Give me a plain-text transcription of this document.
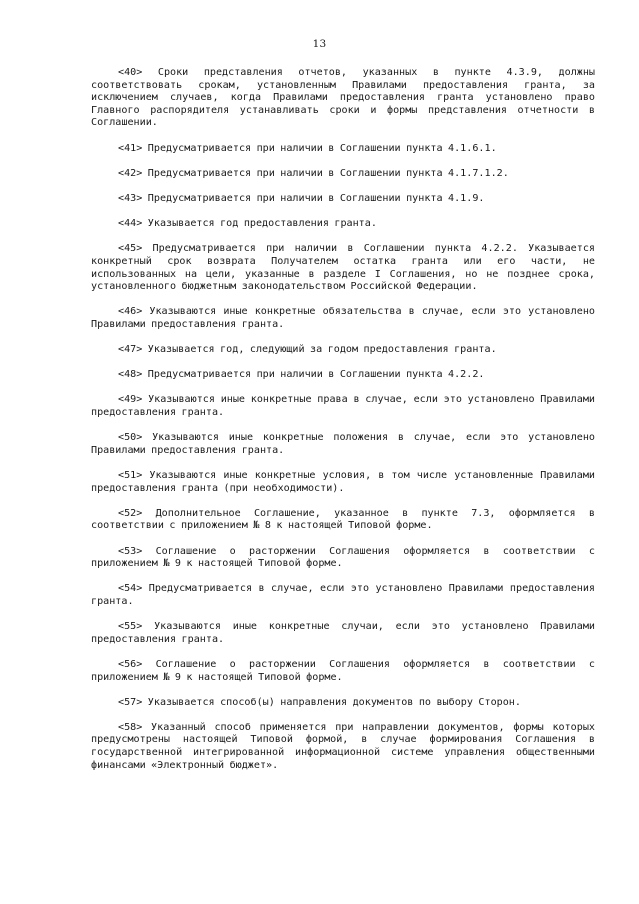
13

<40> Сроки представления отчетов, указанных в пункте 4.3.9, должны соответствовать срокам, установленным Правилами предоставления гранта, за исключением случаев, когда Правилами предоставления гранта установлено право Главного распорядителя устанавливать сроки и формы представления отчетности в Соглашении.

<41> Предусматривается при наличии в Соглашении пункта 4.1.6.1.

<42> Предусматривается при наличии в Соглашении пункта 4.1.7.1.2.

<43> Предусматривается при наличии в Соглашении пункта 4.1.9.

<44> Указывается год предоставления гранта.

<45> Предусматривается при наличии в Соглашении пункта 4.2.2. Указывается конкретный срок возврата Получателем остатка гранта или его части, не использованных на цели, указанные в разделе I Соглашения, но не позднее срока, установленного бюджетным законодательством Российской Федерации.

<46> Указываются иные конкретные обязательства в случае, если это установлено Правилами предоставления гранта.

<47> Указывается год, следующий за годом предоставления гранта.

<48> Предусматривается при наличии в Соглашении пункта 4.2.2.

<49> Указываются иные конкретные права в случае, если это установлено Правилами предоставления гранта.

<50> Указываются иные конкретные положения в случае, если это установлено Правилами предоставления гранта.

<51> Указываются иные конкретные условия, в том числе установленные Правилами предоставления гранта (при необходимости).

<52> Дополнительное Соглашение, указанное в пункте 7.3, оформляется в соответствии с приложением № 8 к настоящей Типовой форме.

<53> Соглашение о расторжении Соглашения оформляется в соответствии с приложением № 9 к настоящей Типовой форме.

<54> Предусматривается в случае, если это установлено Правилами предоставления гранта.

<55> Указываются иные конкретные случаи, если это установлено Правилами предоставления гранта.

<56> Соглашение о расторжении Соглашения оформляется в соответствии с приложением № 9 к настоящей Типовой форме.

<57> Указывается способ(ы) направления документов по выбору Сторон.

<58> Указанный способ применяется при направлении документов, формы которых предусмотрены настоящей Типовой формой, в случае формирования Соглашения в государственной интегрированной информационной системе управления общественными финансами «Электронный бюджет».
